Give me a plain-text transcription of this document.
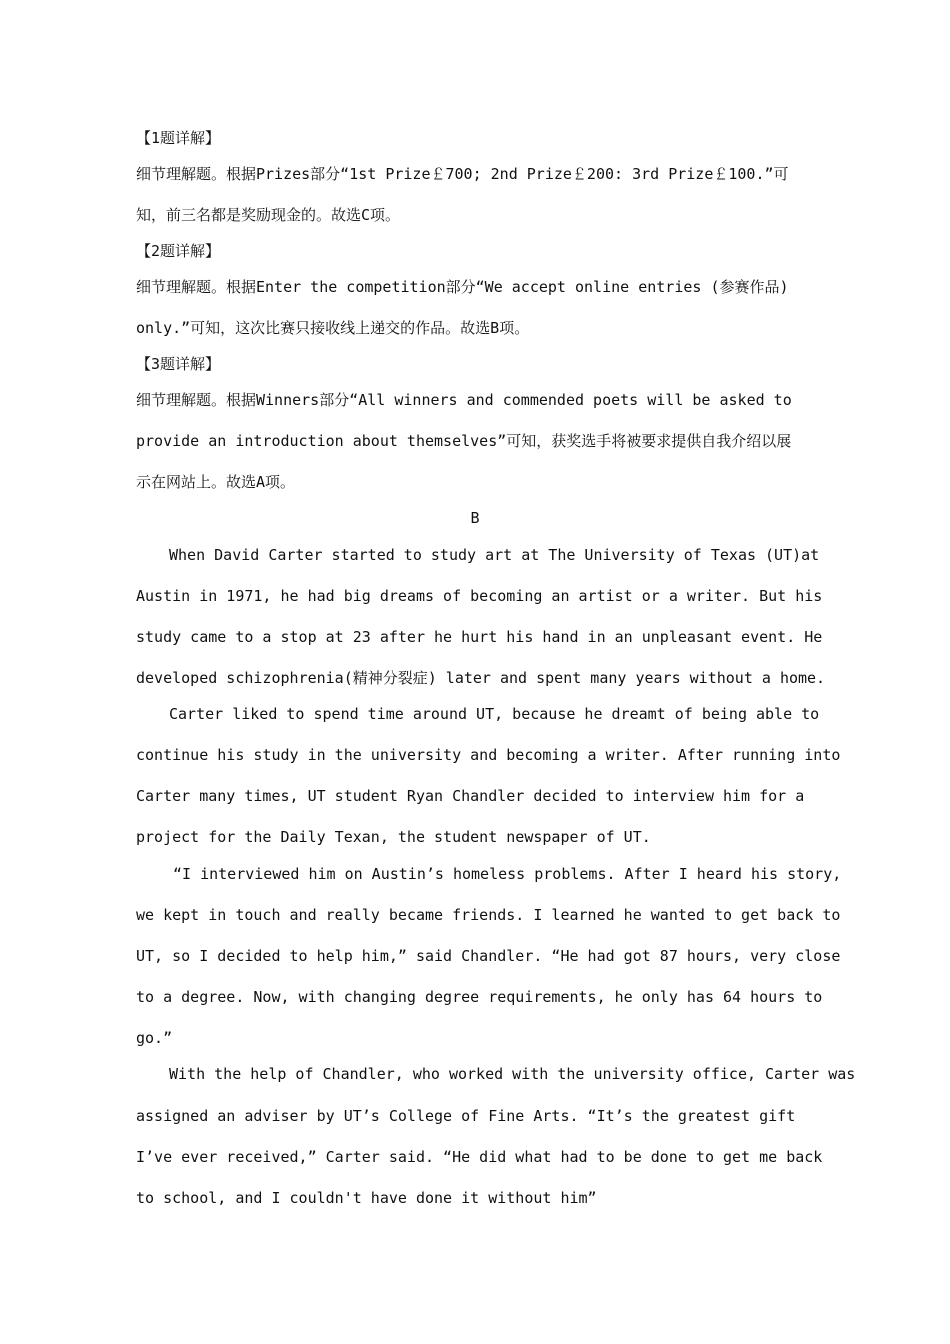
【1题详解】
细节理解题。根据Prizes部分“1st Prize￡700; 2nd Prize￡200: 3rd Prize￡100.”可
知，前三名都是奖励现金的。故选C项。
【2题详解】
细节理解题。根据Enter the competition部分“We accept online entries (参赛作品)
only.”可知，这次比赛只接收线上递交的作品。故选B项。
【3题详解】
细节理解题。根据Winners部分“All winners and commended poets will be asked to
provide an introduction about themselves”可知，获奖选手将被要求提供自我介绍以展
示在网站上。故选A项。
B
When David Carter started to study art at The University of Texas (UT)at
Austin in 1971, he had big dreams of becoming an artist or a writer. But his
study came to a stop at 23 after he hurt his hand in an unpleasant event. He
developed schizophrenia(精神分裂症) later and spent many years without a home.
Carter liked to spend time around UT, because he dreamt of being able to
continue his study in the university and becoming a writer. After running into
Carter many times, UT student Ryan Chandler decided to interview him for a
project for the Daily Texan, the student newspaper of UT.
“I interviewed him on Austin’s homeless problems. After I heard his story,
we kept in touch and really became friends. I learned he wanted to get back to
UT, so I decided to help him,” said Chandler. “He had got 87 hours, very close
to a degree. Now, with changing degree requirements, he only has 64 hours to
go.”
With the help of Chandler, who worked with the university office, Carter was
assigned an adviser by UT’s College of Fine Arts. “It’s the greatest gift
I’ve ever received,” Carter said. “He did what had to be done to get me back
to school, and I couldn't have done it without him”
